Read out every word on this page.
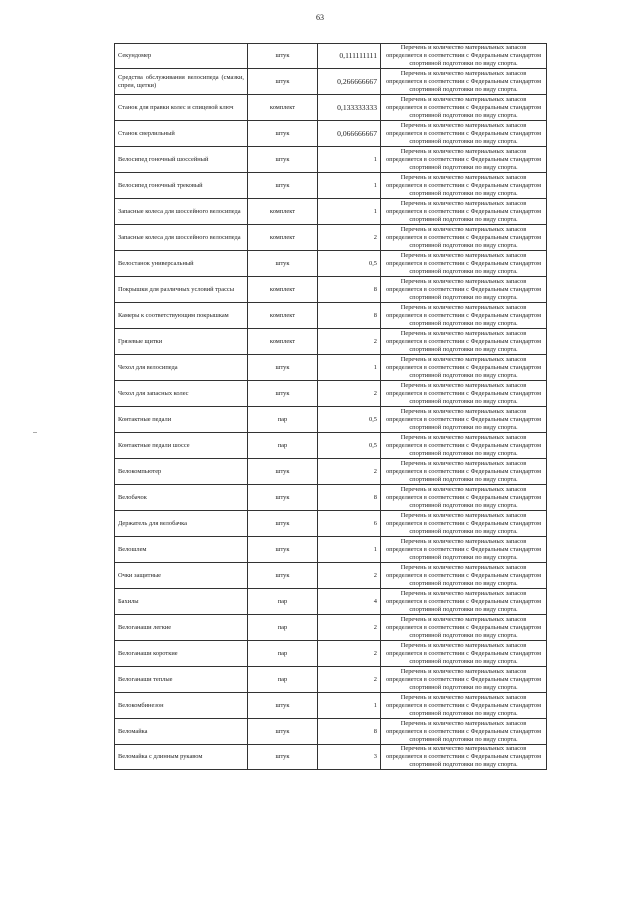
63
Секундомер	штук	0,111111111	Перечень и количество материальных запасов определяется в соответствии с Федеральным стандартом спортивной подготовки по виду спорта.
Средства обслуживания велосипеда (смазки, спреи, щетки)	штук	0,266666667	Перечень и количество материальных запасов определяется в соответствии с Федеральным стандартом спортивной подготовки по виду спорта.
Станок для правки колес и спицевой ключ	комплект	0,133333333	Перечень и количество материальных запасов определяется в соответствии с Федеральным стандартом спортивной подготовки по виду спорта.
Станок сверлильный	штук	0,066666667	Перечень и количество материальных запасов определяется в соответствии с Федеральным стандартом спортивной подготовки по виду спорта.
Велосипед гоночный шоссейный	штук	1	Перечень и количество материальных запасов определяется в соответствии с Федеральным стандартом спортивной подготовки по виду спорта.
Велосипед гоночный трековый	штук	1	Перечень и количество материальных запасов определяется в соответствии с Федеральным стандартом спортивной подготовки по виду спорта.
Запасные колеса для шоссейного велосипеда	комплект	1	Перечень и количество материальных запасов определяется в соответствии с Федеральным стандартом спортивной подготовки по виду спорта.
Запасные колеса для шоссейного велосипеда	комплект	2	Перечень и количество материальных запасов определяется в соответствии с Федеральным стандартом спортивной подготовки по виду спорта.
Велостанок универсальный	штук	0,5	Перечень и количество материальных запасов определяется в соответствии с Федеральным стандартом спортивной подготовки по виду спорта.
Покрышки для различных условий трассы	комплект	8	Перечень и количество материальных запасов определяется в соответствии с Федеральным стандартом спортивной подготовки по виду спорта.
Камеры к соответствующим покрышкам	комплект	8	Перечень и количество материальных запасов определяется в соответствии с Федеральным стандартом спортивной подготовки по виду спорта.
Грязевые щитки	комплект	2	Перечень и количество материальных запасов определяется в соответствии с Федеральным стандартом спортивной подготовки по виду спорта.
Чехол для велосипеда	штук	1	Перечень и количество материальных запасов определяется в соответствии с Федеральным стандартом спортивной подготовки по виду спорта.
Чехол для запасных колес	штук	2	Перечень и количество материальных запасов определяется в соответствии с Федеральным стандартом спортивной подготовки по виду спорта.
Контактные педали	пар	0,5	Перечень и количество материальных запасов определяется в соответствии с Федеральным стандартом спортивной подготовки по виду спорта.
Контактные педали шоссе	пар	0,5	Перечень и количество материальных запасов определяется в соответствии с Федеральным стандартом спортивной подготовки по виду спорта.
Велокомпьютер	штук	2	Перечень и количество материальных запасов определяется в соответствии с Федеральным стандартом спортивной подготовки по виду спорта.
Велобачок	штук	8	Перечень и количество материальных запасов определяется в соответствии с Федеральным стандартом спортивной подготовки по виду спорта.
Держатель для велобачка	штук	6	Перечень и количество материальных запасов определяется в соответствии с Федеральным стандартом спортивной подготовки по виду спорта.
Велошлем	штук	1	Перечень и количество материальных запасов определяется в соответствии с Федеральным стандартом спортивной подготовки по виду спорта.
Очки защитные	штук	2	Перечень и количество материальных запасов определяется в соответствии с Федеральным стандартом спортивной подготовки по виду спорта.
Бахилы	пар	4	Перечень и количество материальных запасов определяется в соответствии с Федеральным стандартом спортивной подготовки по виду спорта.
Велоганаши легкие	пар	2	Перечень и количество материальных запасов определяется в соответствии с Федеральным стандартом спортивной подготовки по виду спорта.
Велоганаши короткие	пар	2	Перечень и количество материальных запасов определяется в соответствии с Федеральным стандартом спортивной подготовки по виду спорта.
Велоганаши теплые	пар	2	Перечень и количество материальных запасов определяется в соответствии с Федеральным стандартом спортивной подготовки по виду спорта.
Велокомбинезон	штук	1	Перечень и количество материальных запасов определяется в соответствии с Федеральным стандартом спортивной подготовки по виду спорта.
Веломайка	штук	8	Перечень и количество материальных запасов определяется в соответствии с Федеральным стандартом спортивной подготовки по виду спорта.
Веломайка с длинным рукавом	штук	3	Перечень и количество материальных запасов определяется в соответствии с Федеральным стандартом спортивной подготовки по виду спорта.
